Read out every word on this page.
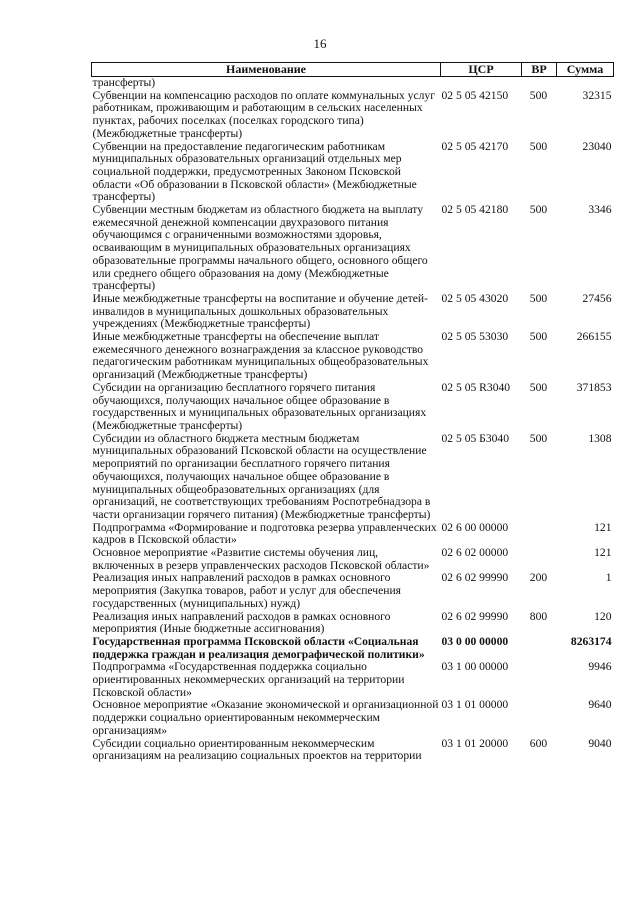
16
Наименование	ЦСР	ВР	Сумма
трансферты)			
Субвенции на компенсацию расходов по оплате коммунальных услуг работникам, проживающим и работающим в сельских населенных пунктах, рабочих поселках (поселках городского типа) (Межбюджетные трансферты)	02 5 05 42150	500	32315
Субвенции на предоставление педагогическим работникам муниципальных образовательных организаций отдельных мер социальной поддержки, предусмотренных Законом Псковской области «Об образовании в Псковской области» (Межбюджетные трансферты)	02 5 05 42170	500	23040
Субвенции местным бюджетам из областного бюджета на выплату ежемесячной денежной компенсации двухразового питания обучающимся с ограниченными возможностями здоровья, осваивающим в муниципальных образовательных организациях образовательные программы начального общего, основного общего или среднего общего образования на дому (Межбюджетные трансферты)	02 5 05 42180	500	3346
Иные межбюджетные трансферты на воспитание и обучение детей-инвалидов в муниципальных дошкольных образовательных учреждениях (Межбюджетные трансферты)	02 5 05 43020	500	27456
Иные межбюджетные трансферты на обеспечение выплат ежемесячного денежного вознаграждения за классное руководство педагогическим работникам муниципальных общеобразовательных организаций (Межбюджетные трансферты)	02 5 05 53030	500	266155
Субсидии на организацию бесплатного горячего питания обучающихся, получающих начальное общее образование в государственных и муниципальных образовательных организациях (Межбюджетные трансферты)	02 5 05 R3040	500	371853
Субсидии из областного бюджета местным бюджетам муниципальных образований Псковской области на осуществление мероприятий по организации бесплатного горячего питания обучающихся, получающих начальное общее образование в муниципальных общеобразовательных организациях (для организаций, не соответствующих требованиям Роспотребнадзора в части организации горячего питания) (Межбюджетные трансферты)	02 5 05 Б3040	500	1308
Подпрограмма «Формирование и подготовка резерва управленческих кадров в Псковской области»	02 6 00 00000		121
Основное мероприятие «Развитие системы обучения лиц, включенных в резерв управленческих расходов Псковской области»	02 6 02 00000		121
Реализация иных направлений расходов в рамках основного мероприятия (Закупка товаров, работ и услуг для обеспечения государственных (муниципальных) нужд)	02 6 02 99990	200	1
Реализация иных направлений расходов в рамках основного мероприятия (Иные бюджетные ассигнования)	02 6 02 99990	800	120
Государственная программа Псковской области «Социальная поддержка граждан и реализация демографической политики»	03 0 00 00000		8263174
Подпрограмма «Государственная поддержка социально ориентированных некоммерческих организаций на территории Псковской области»	03 1 00 00000		9946
Основное мероприятие «Оказание экономической и организационной поддержки социально ориентированным некоммерческим организациям»	03 1 01 00000		9640
Субсидии социально ориентированным некоммерческим организациям на реализацию социальных проектов на территории	03 1 01 20000	600	9040
